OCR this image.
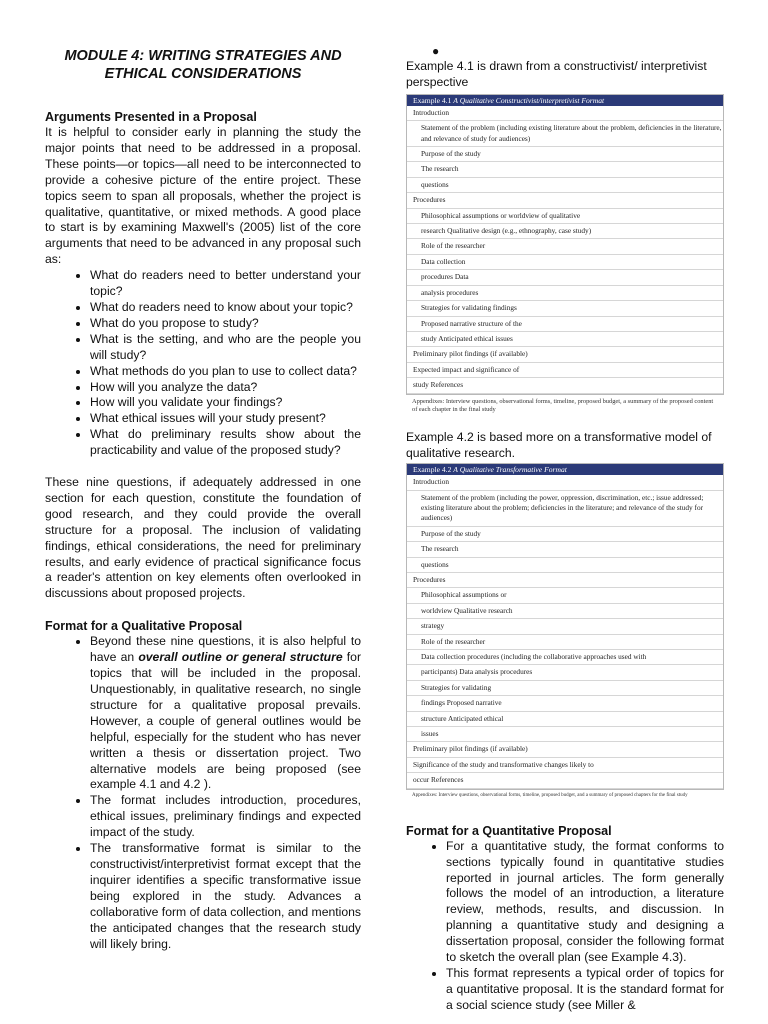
MODULE 4: WRITING STRATEGIES AND
ETHICAL CONSIDERATIONS
Arguments Presented in a Proposal

It is helpful to consider early in planning the study the major points that need to be addressed in a proposal. These points—or topics—all need to be interconnected to provide a cohesive picture of the entire project. These topics seem to span all proposals, whether the project is qualitative, quantitative, or mixed methods. A good place to start is by examining Maxwell's (2005) list of the core arguments that need to be advanced in any proposal such as:

• What do readers need to better understand your topic?
• What do readers need to know about your topic?
• What do you propose to study?
• What is the setting, and who are the people you will study?
• What methods do you plan to use to collect data?
• How will you analyze the data?
• How will you validate your findings?
• What ethical issues will your study present?
• What do preliminary results show about the practicability and value of the proposed study?

These nine questions, if adequately addressed in one section for each question, constitute the foundation of good research, and they could provide the overall structure for a proposal. The inclusion of validating findings, ethical considerations, the need for preliminary results, and early evidence of practical significance focus a reader's attention on key elements often overlooked in discussions about proposed projects.

Format for a Qualitative Proposal
• Beyond these nine questions, it is also helpful to have an overall outline or general structure for topics that will be included in the proposal. Unquestionably, in qualitative research, no single structure for a qualitative proposal prevails. However, a couple of general outlines would be helpful, especially for the student who has never written a thesis or dissertation project. Two alternative models are being proposed (see example 4.1 and 4.2 ).
• The format includes introduction, procedures, ethical issues, preliminary findings and expected impact of the study.
• The transformative format is similar to the constructivist/interpretivist format except that the inquirer identifies a specific transformative issue being explored in the study. Advances a collaborative form of data collection, and mentions the anticipated changes that the research study will likely bring.
●

Example 4.1 is drawn from a constructivist/ interpretivist perspective

Example 4.1 A Qualitative Constructivist/interpretivist Format
Introduction
Statement of the problem (including existing literature about the problem, deficiencies in the literature, and relevance of study for audiences)
Purpose of the study
The research
questions
Procedures
Philosophical assumptions or worldview of qualitative
research Qualitative design (e.g., ethnography, case study)
Role of the researcher
Data collection
procedures Data
analysis procedures
Strategies for validating findings
Proposed narrative structure of the
study Anticipated ethical issues
Preliminary pilot findings (if available)
Expected impact and significance of
study References
Appendixes: Interview questions, observational forms, timeline, proposed budget, a summary of the proposed content of each chapter in the final study

Example 4.2 is based more on a transformative model of qualitative research.

Example 4.2 A Qualitative Transformative Format
Introduction
Statement of the problem (including the power, oppression, discrimination, etc.; issue addressed; existing literature about the problem; deficiencies in the literature; and relevance of the study for audiences)
Purpose of the study
The research
questions
Procedures
Philosophical assumptions or
worldview Qualitative research
strategy
Role of the researcher
Data collection procedures (including the collaborative approaches used with
participants) Data analysis procedures
Strategies for validating
findings Proposed narrative
structure Anticipated ethical
issues
Preliminary pilot findings (if available)
Significance of the study and transformative changes likely to
occur References
Appendixes: Interview questions, observational forms, timeline, proposed budget, and a summary of proposed chapters for the final study
Format for a Quantitative Proposal
• For a quantitative study, the format conforms to sections typically found in quantitative studies reported in journal articles. The form generally follows the model of an introduction, a literature review, methods, results, and discussion. In planning a quantitative study and designing a dissertation proposal, consider the following format to sketch the overall plan (see Example 4.3).
• This format represents a typical order of topics for a quantitative proposal. It is the standard format for a social science study (see Miller &
